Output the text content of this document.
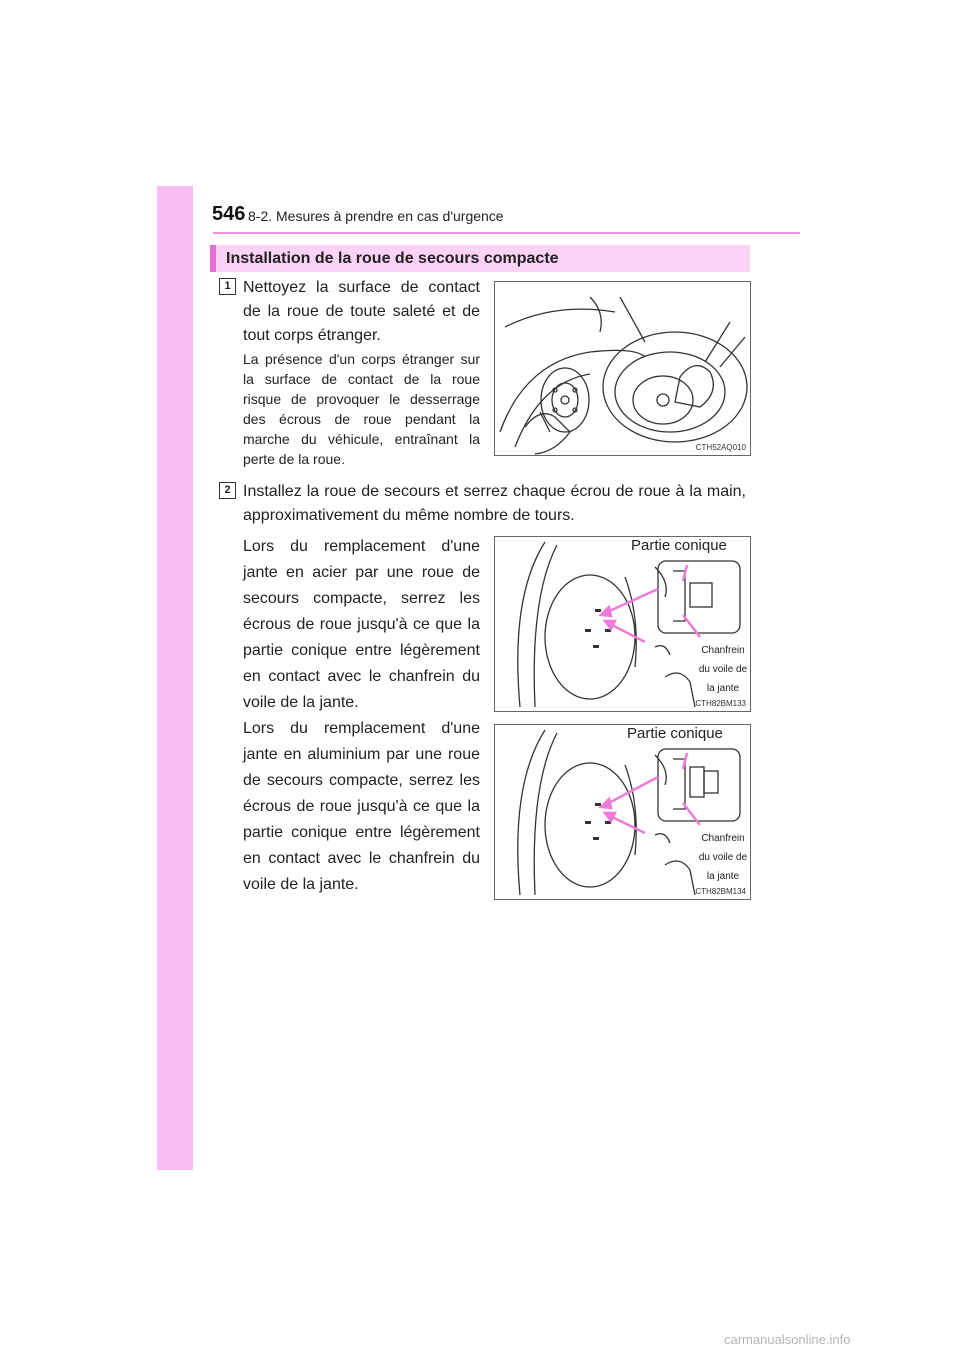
546 8-2. Mesures à prendre en cas d'urgence
Installation de la roue de secours compacte
1 Nettoyez la surface de contact de la roue de toute saleté et de tout corps étranger.
La présence d'un corps étranger sur la surface de contact de la roue risque de provoquer le desserrage des écrous de roue pendant la marche du véhicule, entraînant la perte de la roue.
CTH52AQ010
2 Installez la roue de secours et serrez chaque écrou de roue à la main, approximativement du même nombre de tours.
Lors du remplacement d'une jante en acier par une roue de secours compacte, serrez les écrous de roue jusqu'à ce que la partie conique entre légèrement en contact avec le chanfrein du voile de la jante.
Lors du remplacement d'une jante en aluminium par une roue de secours compacte, serrez les écrous de roue jusqu'à ce que la partie conique entre légèrement en contact avec le chanfrein du voile de la jante.
Partie conique
Chanfrein
du voile de
la jante
CTH82BM133
Partie conique
Chanfrein
du voile de
la jante
CTH82BM134
carmanualsonline.info
